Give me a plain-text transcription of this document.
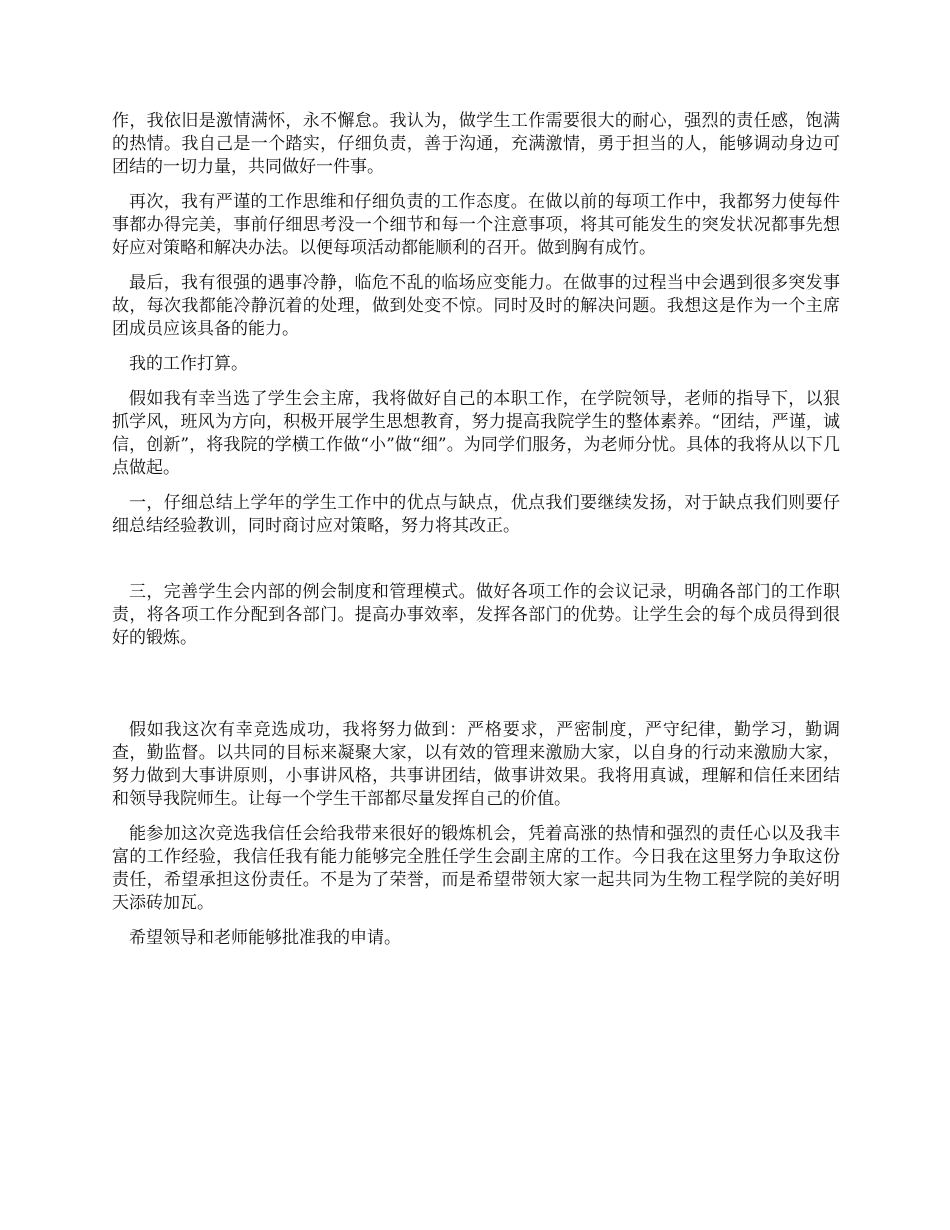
作，我依旧是激情满怀，永不懈怠。我认为，做学生工作需要很大的耐心，强烈的责任感，饱满的热情。我自己是一个踏实，仔细负责，善于沟通，充满激情，勇于担当的人，能够调动身边可团结的一切力量，共同做好一件事。

再次，我有严谨的工作思维和仔细负责的工作态度。在做以前的每项工作中，我都努力使每件事都办得完美，事前仔细思考没一个细节和每一个注意事项，将其可能发生的突发状况都事先想好应对策略和解决办法。以便每项活动都能顺利的召开。做到胸有成竹。

最后，我有很强的遇事冷静，临危不乱的临场应变能力。在做事的过程当中会遇到很多突发事故，每次我都能冷静沉着的处理，做到处变不惊。同时及时的解决问题。我想这是作为一个主席团成员应该具备的能力。

我的工作打算。

假如我有幸当选了学生会主席，我将做好自己的本职工作，在学院领导，老师的指导下，以狠抓学风，班风为方向，积极开展学生思想教育，努力提高我院学生的整体素养。“团结，严谨，诚信，创新”，将我院的学横工作做“小”做“细”。为同学们服务，为老师分忧。具体的我将从以下几点做起。

一，仔细总结上学年的学生工作中的优点与缺点，优点我们要继续发扬，对于缺点我们则要仔细总结经验教训，同时商讨应对策略，努力将其改正。

三，完善学生会内部的例会制度和管理模式。做好各项工作的会议记录，明确各部门的工作职责，将各项工作分配到各部门。提高办事效率，发挥各部门的优势。让学生会的每个成员得到很好的锻炼。

假如我这次有幸竞选成功，我将努力做到：严格要求，严密制度，严守纪律，勤学习，勤调查，勤监督。以共同的目标来凝聚大家，以有效的管理来激励大家，以自身的行动来激励大家，努力做到大事讲原则，小事讲风格，共事讲团结，做事讲效果。我将用真诚，理解和信任来团结和领导我院师生。让每一个学生干部都尽量发挥自己的价值。

能参加这次竞选我信任会给我带来很好的锻炼机会，凭着高涨的热情和强烈的责任心以及我丰富的工作经验，我信任我有能力能够完全胜任学生会副主席的工作。今日我在这里努力争取这份责任，希望承担这份责任。不是为了荣誉，而是希望带领大家一起共同为生物工程学院的美好明天添砖加瓦。

希望领导和老师能够批准我的申请。
